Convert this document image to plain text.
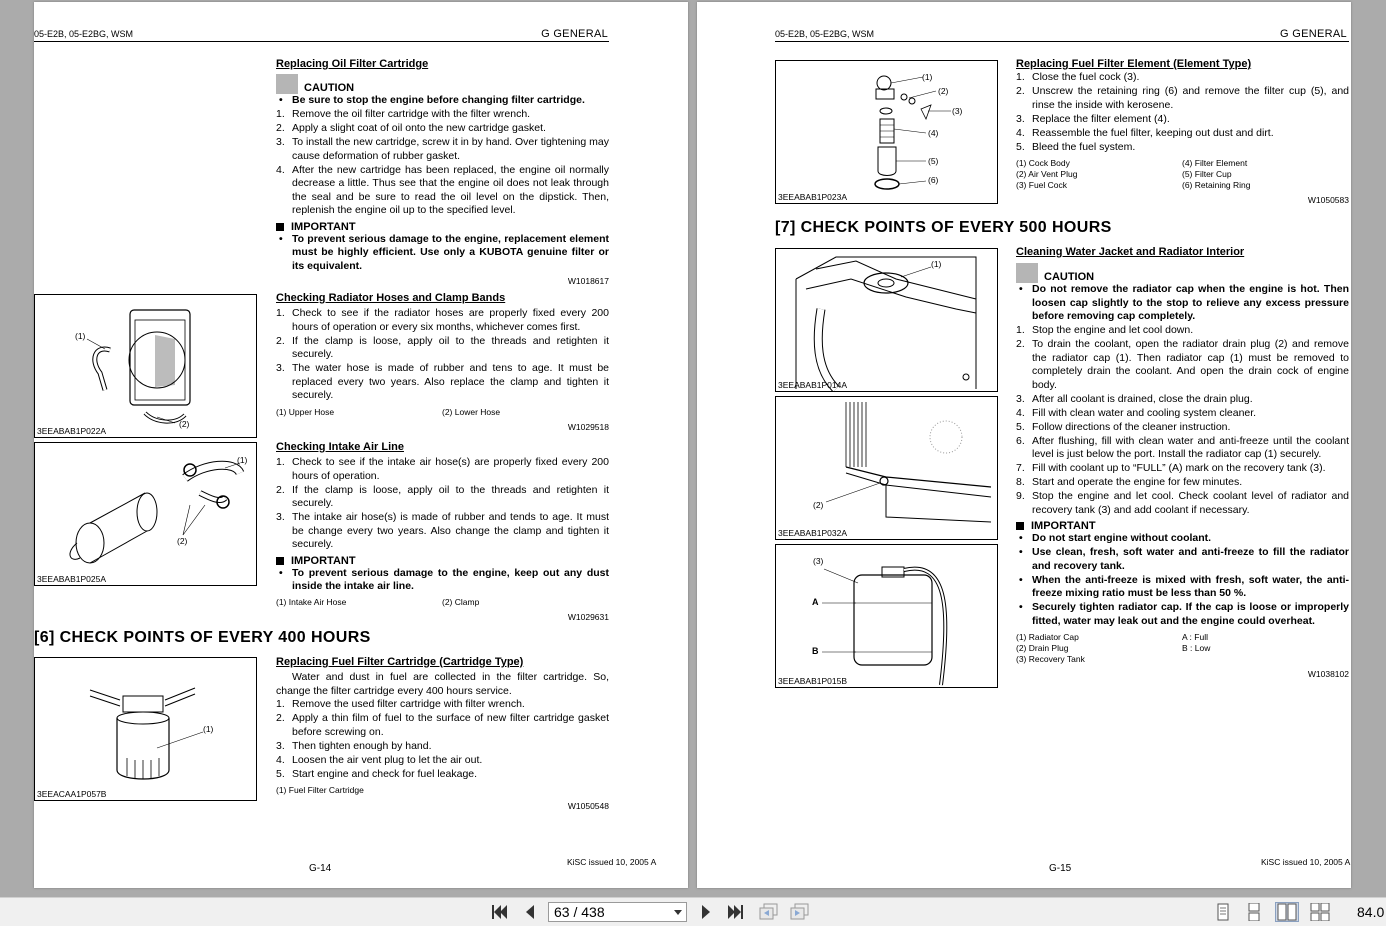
05-E2B, 05-E2BG, WSM	G GENERAL
Replacing Oil Filter Cartridge
CAUTION
• Be sure to stop the engine before changing filter cartridge.
1. Remove the oil filter cartridge with the filter wrench.
2. Apply a slight coat of oil onto the new cartridge gasket.
3. To install the new cartridge, screw it in by hand. Over tightening may cause deformation of rubber gasket.
4. After the new cartridge has been replaced, the engine oil normally decrease a little. Thus see that the engine oil does not leak through the seal and be sure to read the oil level on the dipstick. Then, replenish the engine oil up to the specified level.
IMPORTANT
• To prevent serious damage to the engine, replacement element must be highly efficient. Use only a KUBOTA genuine filter or its equivalent.
W1018617
(1)
(2)
3EEABAB1P022A
Checking Radiator Hoses and Clamp Bands
1. Check to see if the radiator hoses are properly fixed every 200 hours of operation or every six months, whichever comes first.
2. If the clamp is loose, apply oil to the threads and retighten it securely.
3. The water hose is made of rubber and tens to age. It must be replaced every two years. Also replace the clamp and tighten it securely.
(1) Upper Hose	(2) Lower Hose
W1029518
(1)
(2)
3EEABAB1P025A
Checking Intake Air Line
1. Check to see if the intake air hose(s) are properly fixed every 200 hours of operation.
2. If the clamp is loose, apply oil to the threads and retighten it securely.
3. The intake air hose(s) is made of rubber and tends to age. It must be change every two years. Also change the clamp and tighten it securely.
IMPORTANT
• To prevent serious damage to the engine, keep out any dust inside the intake air line.
(1) Intake Air Hose	(2) Clamp
W1029631
[6] CHECK POINTS OF EVERY 400 HOURS
(1)
3EEACAA1P057B
Replacing Fuel Filter Cartridge (Cartridge Type)
Water and dust in fuel are collected in the filter cartridge. So, change the filter cartridge every 400 hours service.
1. Remove the used filter cartridge with filter wrench.
2. Apply a thin film of fuel to the surface of new filter cartridge gasket before screwing on.
3. Then tighten enough by hand.
4. Loosen the air vent plug to let the air out.
5. Start engine and check for fuel leakage.
(1) Fuel Filter Cartridge
W1050548
G-14
KiSC issued 10, 2005 A
05-E2B, 05-E2BG, WSM	G GENERAL
(1)
(2)
(3)
(4)
(5)
(6)
3EEABAB1P023A
Replacing Fuel Filter Element (Element Type)
1. Close the fuel cock (3).
2. Unscrew the retaining ring (6) and remove the filter cup (5), and rinse the inside with kerosene.
3. Replace the filter element (4).
4. Reassemble the fuel filter, keeping out dust and dirt.
5. Bleed the fuel system.
(1) Cock Body	(4) Filter Element
(2) Air Vent Plug	(5) Filter Cup
(3) Fuel Cock	(6) Retaining Ring
W1050583
[7] CHECK POINTS OF EVERY 500 HOURS
(1)
3EEABAB1P014A
(2)
3EEABAB1P032A
(3)
A
B
3EEABAB1P015B
Cleaning Water Jacket and Radiator Interior
CAUTION
• Do not remove the radiator cap when the engine is hot. Then loosen cap slightly to the stop to relieve any excess pressure before removing cap completely.
1. Stop the engine and let cool down.
2. To drain the coolant, open the radiator drain plug (2) and remove the radiator cap (1). Then radiator cap (1) must be removed to completely drain the coolant. And open the drain cock of engine body.
3. After all coolant is drained, close the drain plug.
4. Fill with clean water and cooling system cleaner.
5. Follow directions of the cleaner instruction.
6. After flushing, fill with clean water and anti-freeze until the coolant level is just below the port. Install the radiator cap (1) securely.
7. Fill with coolant up to “FULL” (A) mark on the recovery tank (3).
8. Start and operate the engine for few minutes.
9. Stop the engine and let cool. Check coolant level of radiator and recovery tank (3) and add coolant if necessary.
IMPORTANT
• Do not start engine without coolant.
• Use clean, fresh, soft water and anti-freeze to fill the radiator and recovery tank.
• When the anti-freeze is mixed with fresh, soft water, the anti-freeze mixing ratio must be less than 50 %.
• Securely tighten radiator cap. If the cap is loose or improperly fitted, water may leak out and the engine could overheat.
(1) Radiator Cap	A : Full
(2) Drain Plug	B : Low
(3) Recovery Tank
W1038102
G-15
KiSC issued 10, 2005 A
63 / 438	84.0
